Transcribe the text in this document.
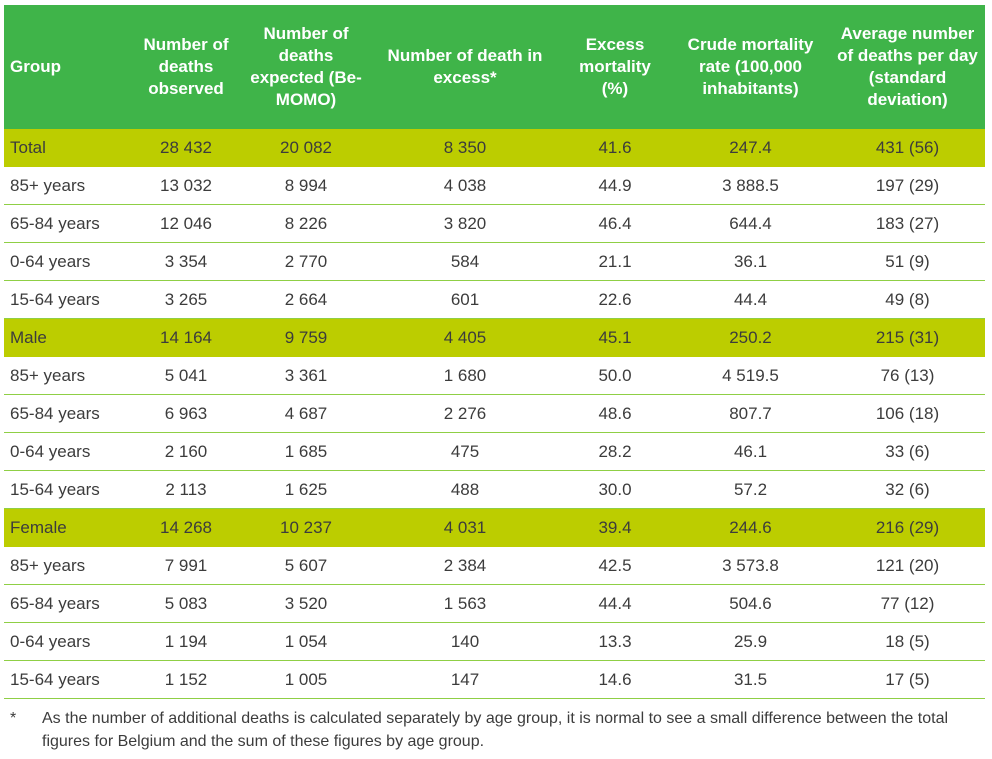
Group	Number of deaths observed	Number of deaths expected (Be-MOMO)	Number of death in excess*	Excess mortality (%)	Crude mortality rate (100,000 inhabitants)	Average number of deaths per day (standard deviation)
Total	28 432	20 082	8 350	41.6	247.4	431 (56)
85+ years	13 032	8 994	4 038	44.9	3 888.5	197 (29)
65-84 years	12 046	8 226	3 820	46.4	644.4	183 (27)
0-64 years	3 354	2 770	584	21.1	36.1	51 (9)
15-64 years	3 265	2 664	601	22.6	44.4	49 (8)
Male	14 164	9 759	4 405	45.1	250.2	215 (31)
85+ years	5 041	3 361	1 680	50.0	4 519.5	76 (13)
65-84 years	6 963	4 687	2 276	48.6	807.7	106 (18)
0-64 years	2 160	1 685	475	28.2	46.1	33 (6)
15-64 years	2 113	1 625	488	30.0	57.2	32 (6)
Female	14 268	10 237	4 031	39.4	244.6	216 (29)
85+ years	7 991	5 607	2 384	42.5	3 573.8	121 (20)
65-84 years	5 083	3 520	1 563	44.4	504.6	77 (12)
0-64 years	1 194	1 054	140	13.3	25.9	18 (5)
15-64 years	1 152	1 005	147	14.6	31.5	17 (5)
* As the number of additional deaths is calculated separately by age group, it is normal to see a small difference between the total figures for Belgium and the sum of these figures by age group.
